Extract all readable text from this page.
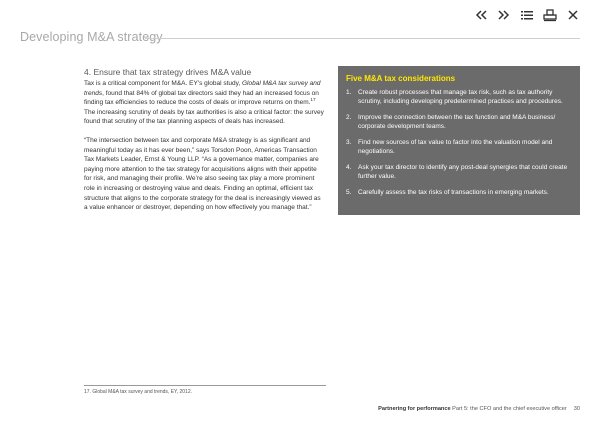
Developing M&A strategy
4. Ensure that tax strategy drives M&A value

Tax is a critical component for M&A. EY’s global study, Global M&A tax survey and trends, found that 84% of global tax directors said they had an increased focus on finding tax efficiencies to reduce the costs of deals or improve returns on them.$^{17}$ The increasing scrutiny of deals by tax authorities is also a critical factor: the survey found that scrutiny of the tax planning aspects of deals has increased.

“The intersection between tax and corporate M&A strategy is as significant and meaningful today as it has ever been,” says Torsdon Poon, Americas Transaction Tax Markets Leader, Ernst & Young LLP. “As a governance matter, companies are paying more attention to the tax strategy for acquisitions aligns with their appetite for risk, and managing their profile. We’re also seeing tax play a more prominent role in increasing or destroying value and deals. Finding an optimal, efficient tax structure that aligns to the corporate strategy for the deal is increasingly viewed as a value enhancer or destroyer, depending on how effectively you manage that.”

Five M&A tax considerations
1. Create robust processes that manage tax risk, such as tax authority scrutiny, including developing predetermined practices and procedures.
2. Improve the connection between the tax function and M&A business/ corporate development teams.
3. Find new sources of tax value to factor into the valuation model and negotiations.
4. Ask your tax director to identify any post-deal synergies that could create further value.
5. Carefully assess the tax risks of transactions in emerging markets.
17. Global M&A tax survey and trends, EY, 2012.
Partnering for performance Part 5: the CFO and the chief executive officer 30
